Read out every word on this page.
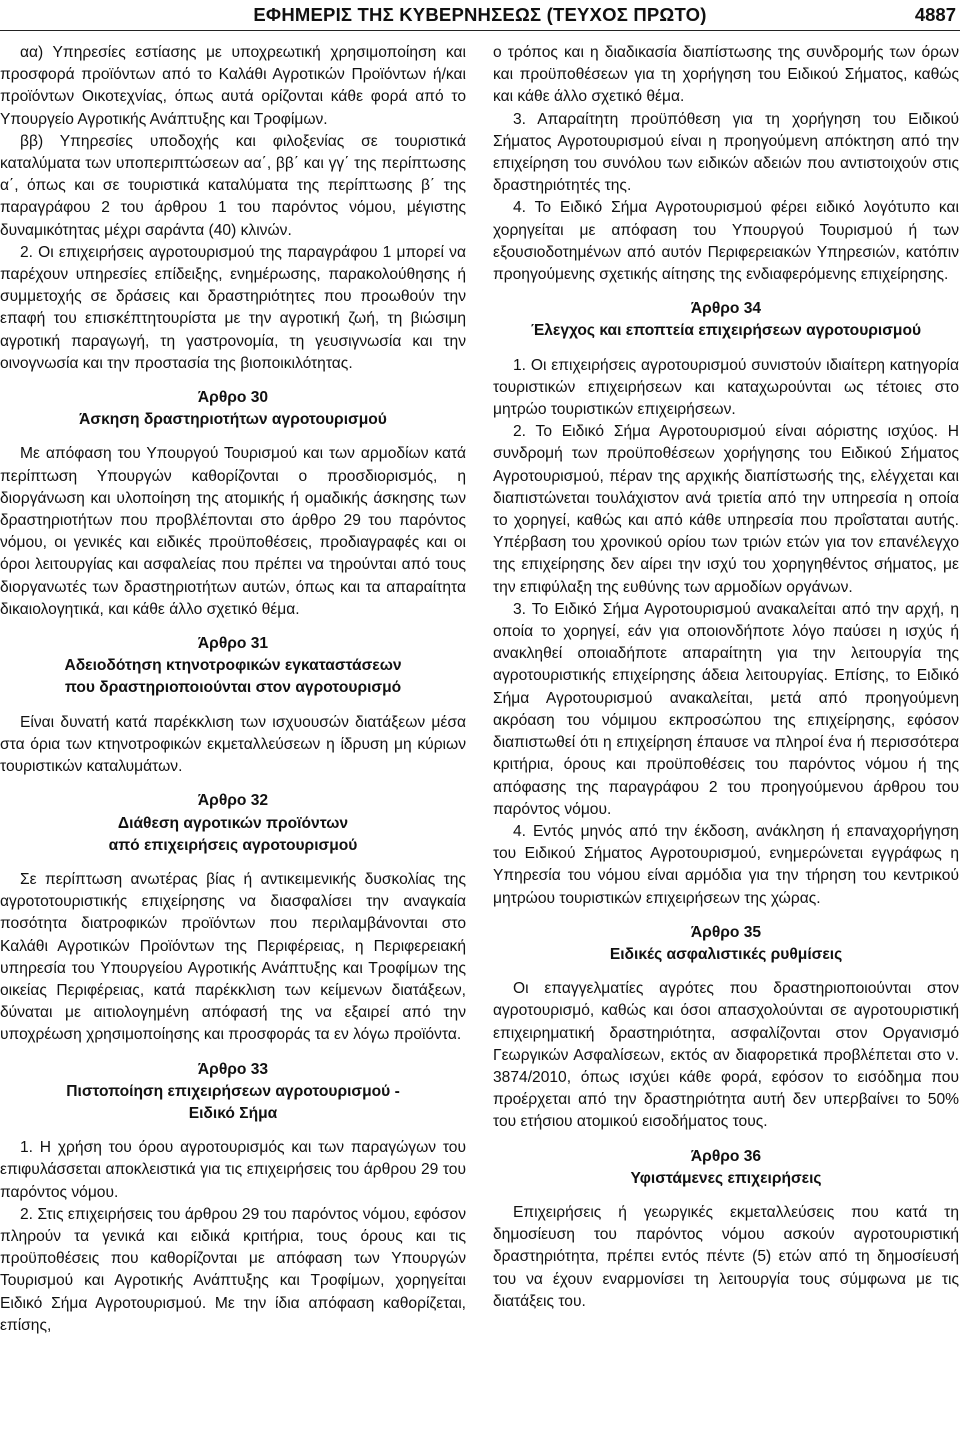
ΕΦΗΜΕΡΙΣ ΤΗΣ ΚΥΒΕΡΝΗΣΕΩΣ (ΤΕΥΧΟΣ ΠΡΩΤΟ)	4887

αα) Υπηρεσίες εστίασης με υποχρεωτική χρησιμοποίηση και προσφορά προϊόντων από το Καλάθι Αγροτικών Προϊόντων ή/και προϊόντων Οικοτεχνίας, όπως αυτά ορίζονται κάθε φορά από το Υπουργείο Αγροτικής Ανάπτυξης και Τροφίμων.

ββ) Υπηρεσίες υποδοχής και φιλοξενίας σε τουριστικά καταλύματα των υποπεριπτώσεων αα΄, ββ΄ και γγ΄ της περίπτωσης α΄, όπως και σε τουριστικά καταλύματα της περίπτωσης β΄ της παραγράφου 2 του άρθρου 1 του παρόντος νόμου, μέγιστης δυναμικότητας μέχρι σαράντα (40) κλινών.

2. Οι επιχειρήσεις αγροτουρισμού της παραγράφου 1 μπορεί να παρέχουν υπηρεσίες επίδειξης, ενημέρωσης, παρακολούθησης ή συμμετοχής σε δράσεις και δραστηριότητες που προωθούν την επαφή του επισκέπτητουρίστα με την αγροτική ζωή, τη βιώσιμη αγροτική παραγωγή, τη γαστρονομία, τη γευσιγνωσία και την οινογνωσία και την προστασία της βιοποικιλότητας.

Άρθρο 30

Άσκηση δραστηριοτήτων αγροτουρισμού

Με απόφαση του Υπουργού Τουρισμού και των αρμοδίων κατά περίπτωση Υπουργών καθορίζονται ο προσδιορισμός, η διοργάνωση και υλοποίηση της ατομικής ή ομαδικής άσκησης των δραστηριοτήτων που προβλέπονται στο άρθρο 29 του παρόντος νόμου, οι γενικές και ειδικές προϋποθέσεις, προδιαγραφές και οι όροι λειτουργίας και ασφαλείας που πρέπει να τηρούνται από τους διοργανωτές των δραστηριοτήτων αυτών, όπως και τα απαραίτητα δικαιολογητικά, και κάθε άλλο σχετικό θέμα.

Άρθρο 31

Αδειοδότηση κτηνοτροφικών εγκαταστάσεων

που δραστηριοποιούνται στον αγροτουρισμό

Είναι δυνατή κατά παρέκκλιση των ισχυουσών διατάξεων μέσα στα όρια των κτηνοτροφικών εκμεταλλεύσεων η ίδρυση μη κύριων τουριστικών καταλυμάτων.

Άρθρο 32

Διάθεση αγροτικών προϊόντων

από επιχειρήσεις αγροτουρισμού

Σε περίπτωση ανωτέρας βίας ή αντικειμενικής δυσκολίας της αγροτοτουριστικής επιχείρησης να διασφαλίσει την αναγκαία ποσότητα διατροφικών προϊόντων που περιλαμβάνονται στο Καλάθι Αγροτικών Προϊόντων της Περιφέρειας, η Περιφερειακή υπηρεσία του Υπουργείου Αγροτικής Ανάπτυξης και Τροφίμων της οικείας Περιφέρειας, κατά παρέκκλιση των κείμενων διατάξεων, δύναται με αιτιολογημένη απόφασή της να εξαιρεί από την υποχρέωση χρησιμοποίησης και προσφοράς τα εν λόγω προϊόντα.

Άρθρο 33

Πιστοποίηση επιχειρήσεων αγροτουρισμού -

Ειδικό Σήμα

1. Η χρήση του όρου αγροτουρισμός και των παραγώγων του επιφυλάσσεται αποκλειστικά για τις επιχειρήσεις του άρθρου 29 του παρόντος νόμου.

2. Στις επιχειρήσεις του άρθρου 29 του παρόντος νόμου, εφόσον πληρούν τα γενικά και ειδικά κριτήρια, τους όρους και τις προϋποθέσεις που καθορίζονται με απόφαση των Υπουργών Τουρισμού και Αγροτικής Ανάπτυξης και Τροφίμων, χορηγείται Ειδικό Σήμα Αγροτουρισμού. Με την ίδια απόφαση καθορίζεται, επίσης,

ο τρόπος και η διαδικασία διαπίστωσης της συνδρομής των όρων και προϋποθέσεων για τη χορήγηση του Ειδικού Σήματος, καθώς και κάθε άλλο σχετικό θέμα.

3. Απαραίτητη προϋπόθεση για τη χορήγηση του Ειδικού Σήματος Αγροτουρισμού είναι η προηγούμενη απόκτηση από την επιχείρηση του συνόλου των ειδικών αδειών που αντιστοιχούν στις δραστηριότητές της.

4. Το Ειδικό Σήμα Αγροτουρισμού φέρει ειδικό λογότυπο και χορηγείται με απόφαση του Υπουργού Τουρισμού ή των εξουσιοδοτημένων από αυτόν Περιφερειακών Υπηρεσιών, κατόπιν προηγούμενης σχετικής αίτησης της ενδιαφερόμενης επιχείρησης.

Άρθρο 34

Έλεγχος και εποπτεία επιχειρήσεων αγροτουρισμού

1. Οι επιχειρήσεις αγροτουρισμού συνιστούν ιδιαίτερη κατηγορία τουριστικών επιχειρήσεων και καταχωρούνται ως τέτοιες στο μητρώο τουριστικών επιχειρήσεων.

2. Το Ειδικό Σήμα Αγροτουρισμού είναι αόριστης ισχύος. Η συνδρομή των προϋποθέσεων χορήγησης του Ειδικού Σήματος Αγροτουρισμού, πέραν της αρχικής διαπίστωσής της, ελέγχεται και διαπιστώνεται τουλάχιστον ανά τριετία από την υπηρεσία η οποία το χορηγεί, καθώς και από κάθε υπηρεσία που προΐσταται αυτής. Υπέρβαση του χρονικού ορίου των τριών ετών για τον επανέλεγχο της επιχείρησης δεν αίρει την ισχύ του χορηγηθέντος σήματος, με την επιφύλαξη της ευθύνης των αρμοδίων οργάνων.

3. Το Ειδικό Σήμα Αγροτουρισμού ανακαλείται από την αρχή, η οποία το χορηγεί, εάν για οποιονδήποτε λόγο παύσει η ισχύς ή ανακληθεί οποιαδήποτε απαραίτητη για την λειτουργία της αγροτουριστικής επιχείρησης άδεια λειτουργίας. Επίσης, το Ειδικό Σήμα Αγροτουρισμού ανακαλείται, μετά από προηγούμενη ακρόαση του νόμιμου εκπροσώπου της επιχείρησης, εφόσον διαπιστωθεί ότι η επιχείρηση έπαυσε να πληροί ένα ή περισσότερα κριτήρια, όρους και προϋποθέσεις του παρόντος νόμου ή της απόφασης της παραγράφου 2 του προηγούμενου άρθρου του παρόντος νόμου.

4. Εντός μηνός από την έκδοση, ανάκληση ή επαναχορήγηση του Ειδικού Σήματος Αγροτουρισμού, ενημερώνεται εγγράφως η Υπηρεσία του νόμου είναι αρμόδια για την τήρηση του κεντρικού μητρώου τουριστικών επιχειρήσεων της χώρας.

Άρθρο 35

Ειδικές ασφαλιστικές ρυθμίσεις

Οι επαγγελματίες αγρότες που δραστηριοποιούνται στον αγροτουρισμό, καθώς και όσοι απασχολούνται σε αγροτουριστική επιχειρηματική δραστηριότητα, ασφαλίζονται στον Οργανισμό Γεωργικών Ασφαλίσεων, εκτός αν διαφορετικά προβλέπεται στο ν. 3874/2010, όπως ισχύει κάθε φορά, εφόσον το εισόδημα που προέρχεται από την δραστηριότητα αυτή δεν υπερβαίνει το 50% του ετήσιου ατομικού εισοδήματος τους.

Άρθρο 36

Υφιστάμενες επιχειρήσεις

Επιχειρήσεις ή γεωργικές εκμεταλλεύσεις που κατά τη δημοσίευση του παρόντος νόμου ασκούν αγροτουριστική δραστηριότητα, πρέπει εντός πέντε (5) ετών από τη δημοσίευσή του να έχουν εναρμονίσει τη λειτουργία τους σύμφωνα με τις διατάξεις του.
